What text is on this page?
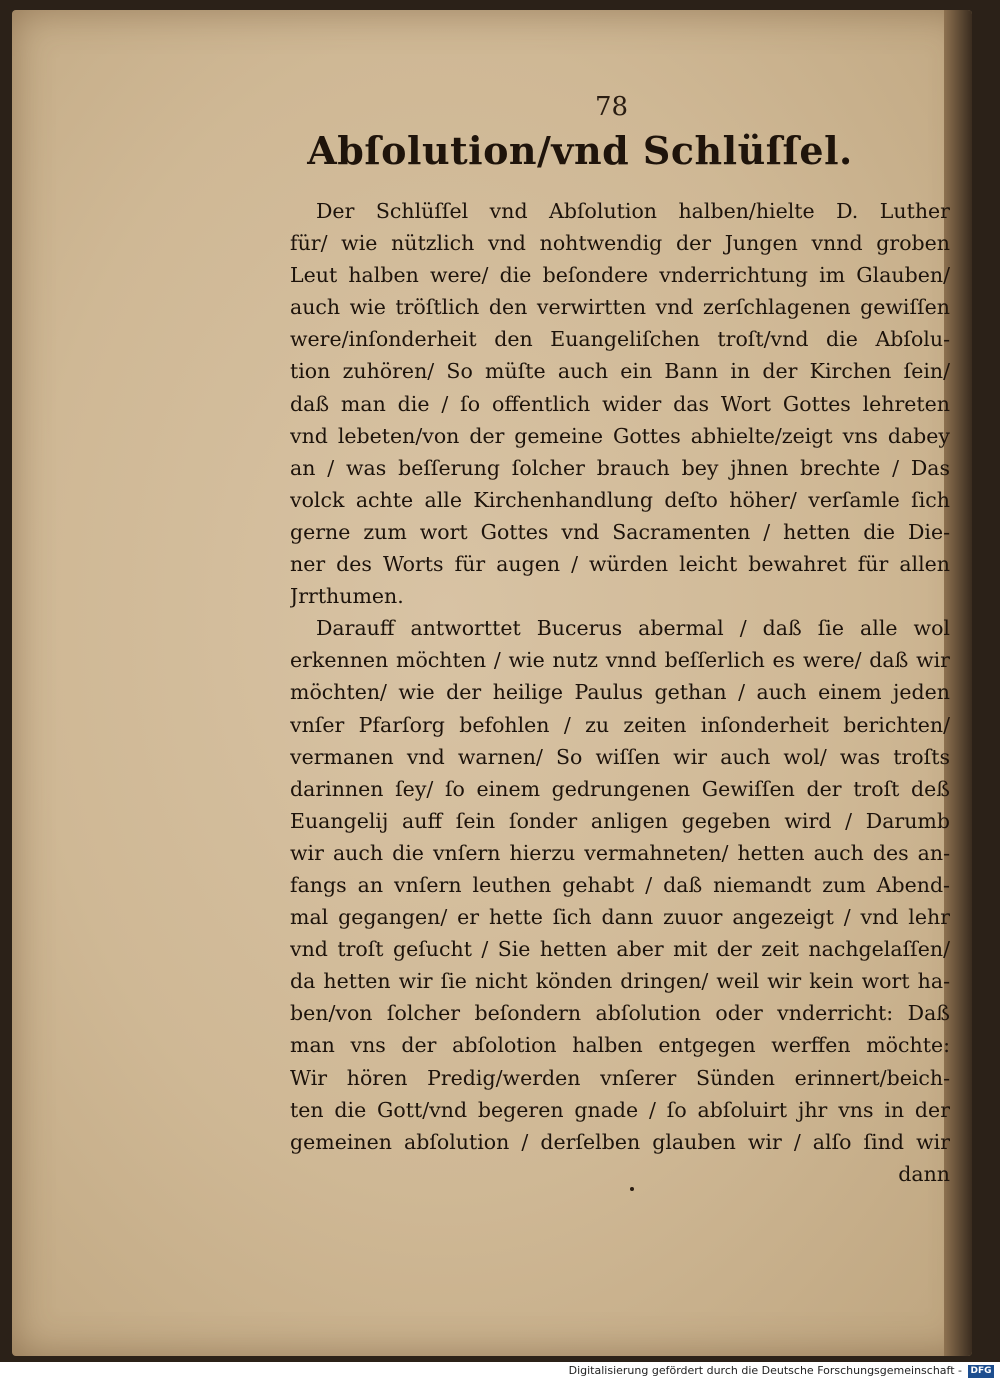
78
Abſolution/vnd Schlüſſel.
Der Schlüſſel vnd Abſolution halben/hielte D. Luther
für/ wie nützlich vnd nohtwendig der Jungen vnnd groben
Leut halben were/ die beſondere vnderrichtung im Glauben/
auch wie tröſtlich den verwirtten vnd zerſchlagenen gewiſſen
were/inſonderheit den Euangeliſchen troſt/vnd die Abſolu-
tion zuhören/ So müſte auch ein Bann in der Kirchen ſein/
daß man die / ſo offentlich wider das Wort Gottes lehreten
vnd lebeten/von der gemeine Gottes abhielte/zeigt vns dabey
an / was beſſerung ſolcher brauch bey jhnen brechte / Das
volck achte alle Kirchenhandlung deſto höher/ verſamle ſich
gerne zum wort Gottes vnd Sacramenten / hetten die Die-
ner des Worts für augen / würden leicht bewahret für allen
Jrrthumen.
Darauff antworttet Bucerus abermal / daß ſie alle wol
erkennen möchten / wie nutz vnnd beſſerlich es were/ daß wir
möchten/ wie der heilige Paulus gethan / auch einem jeden
vnſer Pfarſorg befohlen / zu zeiten inſonderheit berichten/
vermanen vnd warnen/ So wiſſen wir auch wol/ was troſts
darinnen ſey/ ſo einem gedrungenen Gewiſſen der troſt deß
Euangelij auff ſein ſonder anligen gegeben wird / Darumb
wir auch die vnſern hierzu vermahneten/ hetten auch des an-
fangs an vnſern leuthen gehabt / daß niemandt zum Abend-
mal gegangen/ er hette ſich dann zuuor angezeigt / vnd lehr
vnd troſt geſucht / Sie hetten aber mit der zeit nachgelaſſen/
da hetten wir ſie nicht könden dringen/ weil wir kein wort ha-
ben/von ſolcher beſondern abſolution oder vnderricht: Daß
man vns der abſolotion halben entgegen werffen möchte:
Wir hören Predig/werden vnſerer Sünden erinnert/beich-
ten die Gott/vnd begeren gnade / ſo abſoluirt jhr vns in der
gemeinen abſolution / derſelben glauben wir / alſo ſind wir
dann
Digitalisierung gefördert durch die Deutsche Forschungsgemeinschaft - DFG
